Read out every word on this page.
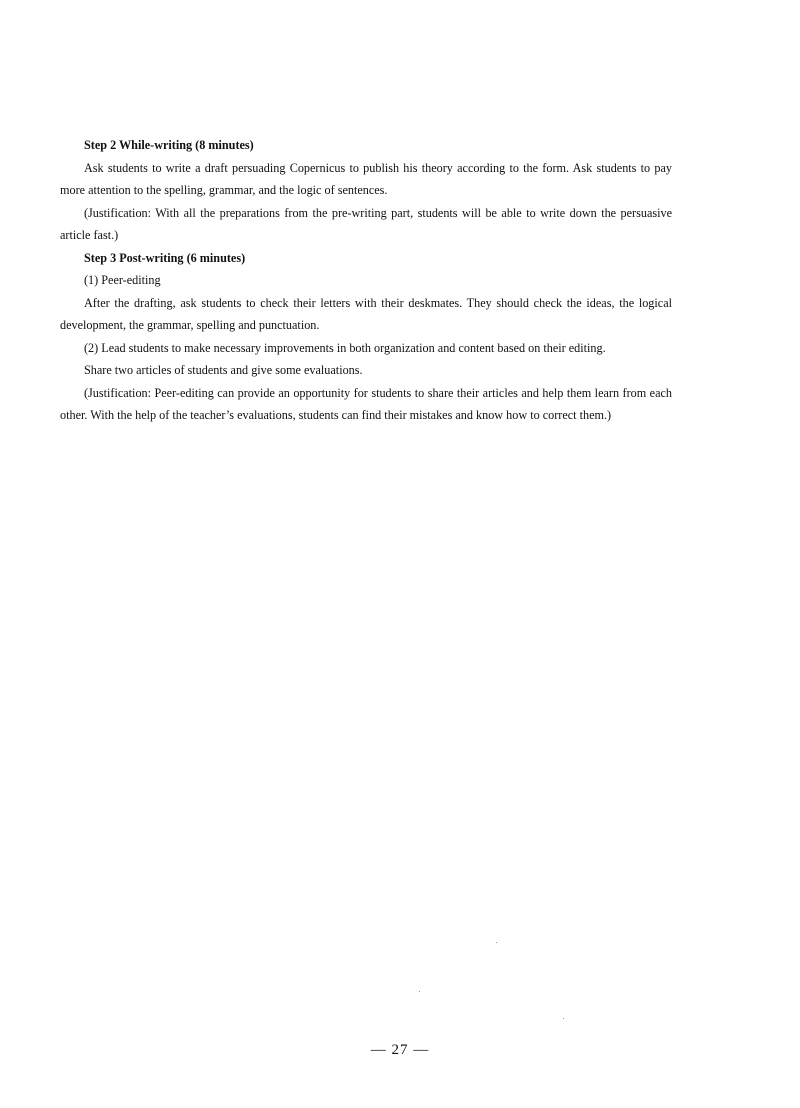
Step 2 While-writing (8 minutes)

Ask students to write a draft persuading Copernicus to publish his theory according to the form. Ask students to pay more attention to the spelling, grammar, and the logic of sentences.

(Justification: With all the preparations from the pre-writing part, students will be able to write down the persuasive article fast.)

Step 3 Post-writing (6 minutes)

(1) Peer-editing

After the drafting, ask students to check their letters with their deskmates. They should check the ideas, the logical development, the grammar, spelling and punctuation.

(2) Lead students to make necessary improvements in both organization and content based on their editing.

Share two articles of students and give some evaluations.

(Justification: Peer-editing can provide an opportunity for students to share their articles and help them learn from each other. With the help of the teacher’s evaluations, students can find their mistakes and know how to correct them.)

— 27 —
